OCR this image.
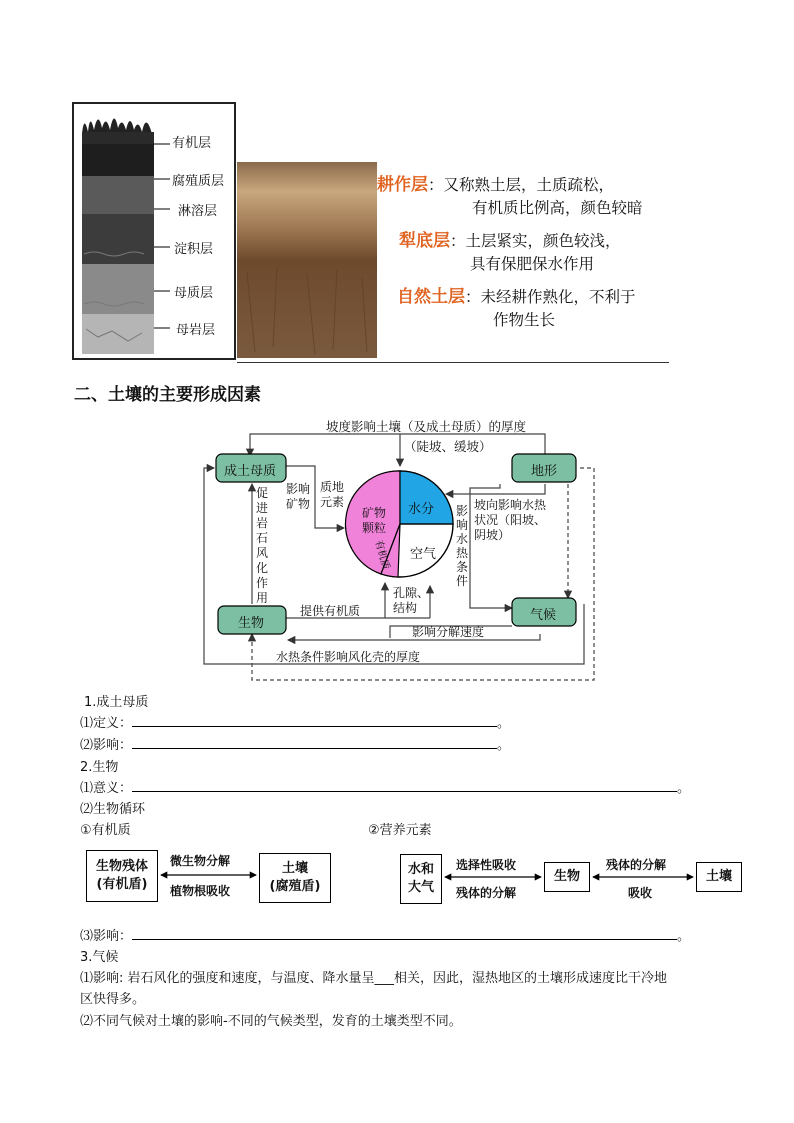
有机层
腐殖质层
淋溶层
淀积层
母质层
母岩层
耕作层：又称熟土层，土质疏松，
有机质比例高，颜色较暗
犁底层：土层紧实，颜色较浅，
具有保肥保水作用
自然土层：未经耕作熟化，不利于
作物生长
二、土壤的主要形成因素
坡度影响土壤（及成土母质）的厚度
（陡坡、缓坡）
成土母质	地形
生物
气候
影响
矿物
质地
元素
促
进
岩
石
风
化
作
用
矿物
颗粒
水分
空气
有机质
坡向影响水热
状况（阳坡、
阴坡）
影
响
水
热
条
件
提供有机质
孔隙、
结构
影响分解速度
水热条件影响风化壳的厚度
1.成土母质
⑴定义：	。
⑵影响：	。
2.生物
⑴意义：	。
⑵生物循环
①有机质	②营养元素
生物残体
(有机盾)
土壤
(腐殖盾)
微生物分解
植物根吸收
水和
大气
生物	土壤
选择性吸收
残体的分解
残体的分解
吸收
⑶影响：	。
3.气候
⑴影响: 岩石风化的强度和速度，与温度、降水量呈___相关，因此，湿热地区的土壤形成速度比干冷地
区快得多。
⑵不同气候对土壤的影响-不同的气候类型，发育的土壤类型不同。
